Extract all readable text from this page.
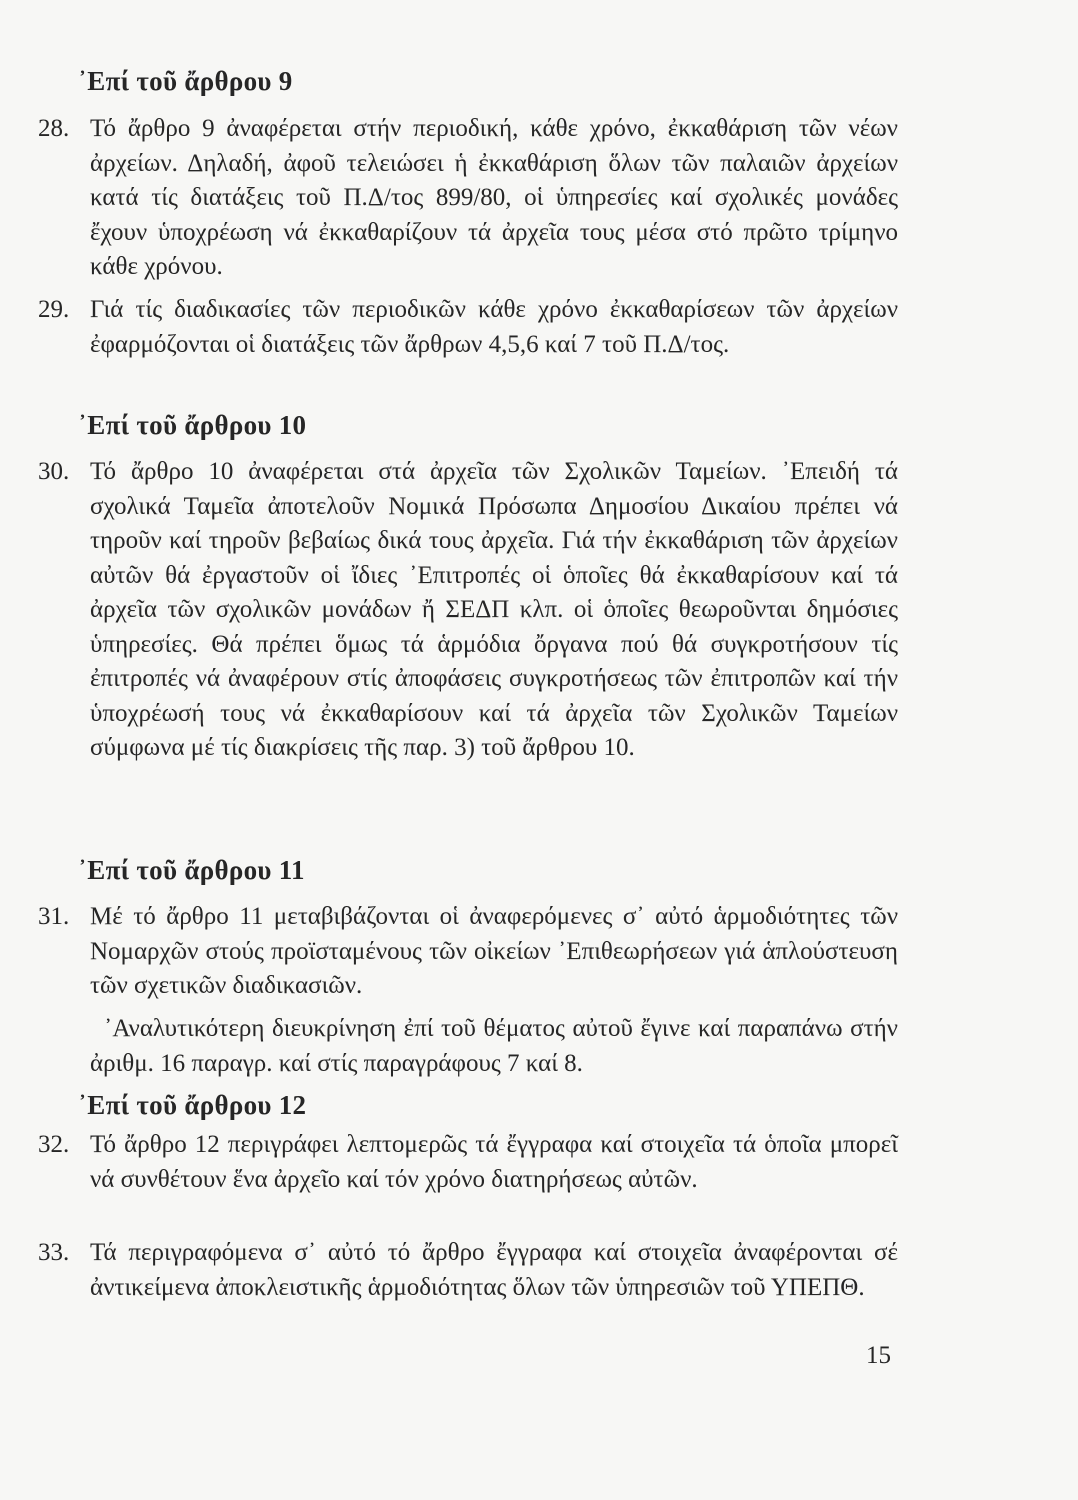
᾿Επί τοῦ ἄρθρου 9
28. Τό ἄρθρο 9 ἀναφέρεται στήν περιοδική, κάθε χρόνο, ἐκκαθάριση τῶν νέων ἀρχείων. Δηλαδή, ἀφοῦ τελειώσει ἡ ἐκκαθάριση ὅλων τῶν παλαιῶν ἀρχείων κατά τίς διατάξεις τοῦ Π.Δ/τος 899/80, οἱ ὑπηρεσίες καί σχολικές μονάδες ἔχουν ὑποχρέωση νά ἐκκαθαρίζουν τά ἀρχεῖα τους μέσα στό πρῶτο τρίμηνο κάθε χρόνου.
29. Γιά τίς διαδικασίες τῶν περιοδικῶν κάθε χρόνο ἐκκαθαρίσεων τῶν ἀρχείων ἐφαρμόζονται οἱ διατάξεις τῶν ἄρθρων 4,5,6 καί 7 τοῦ Π.Δ/τος.
᾿Επί τοῦ ἄρθρου 10
30. Τό ἄρθρο 10 ἀναφέρεται στά ἀρχεῖα τῶν Σχολικῶν Ταμείων. ᾿Επειδή τά σχολικά Ταμεῖα ἀποτελοῦν Νομικά Πρόσωπα Δημοσίου Δικαίου πρέπει νά τηροῦν καί τηροῦν βεβαίως δικά τους ἀρχεῖα. Γιά τήν ἐκκαθάριση τῶν ἀρχείων αὐτῶν θά ἐργαστοῦν οἱ ἴδιες ᾿Επιτροπές οἱ ὁποῖες θά ἐκκαθαρίσουν καί τά ἀρχεῖα τῶν σχολικῶν μονάδων ἤ ΣΕΔΠ κλπ. οἱ ὁποῖες θεωροῦνται δημόσιες ὑπηρεσίες. Θά πρέπει ὅμως τά ἁρμόδια ὄργανα πού θά συγκροτήσουν τίς ἐπιτροπές νά ἀναφέρουν στίς ἀποφάσεις συγκροτήσεως τῶν ἐπιτροπῶν καί τήν ὑποχρέωσή τους νά ἐκκαθαρίσουν καί τά ἀρχεῖα τῶν Σχολικῶν Ταμείων σύμφωνα μέ τίς διακρίσεις τῆς παρ. 3) τοῦ ἄρθρου 10.
᾿Επί τοῦ ἄρθρου 11
31. Μέ τό ἄρθρο 11 μεταβιβάζονται οἱ ἀναφερόμενες σ᾿ αὐτό ἁρμοδιότητες τῶν Νομαρχῶν στούς προϊσταμένους τῶν οἰκείων ᾿Επιθεωρήσεων γιά ἁπλούστευση τῶν σχετικῶν διαδικασιῶν.
᾿Αναλυτικότερη διευκρίνηση ἐπί τοῦ θέματος αὐτοῦ ἔγινε καί παραπάνω στήν ἀριθμ. 16 παραγρ. καί στίς παραγράφους 7 καί 8.
᾿Επί τοῦ ἄρθρου 12
32. Τό ἄρθρο 12 περιγράφει λεπτομερῶς τά ἔγγραφα καί στοιχεῖα τά ὁποῖα μπορεῖ νά συνθέτουν ἕνα ἀρχεῖο καί τόν χρόνο διατηρήσεως αὐτῶν.
33. Τά περιγραφόμενα σ᾿ αὐτό τό ἄρθρο ἔγγραφα καί στοιχεῖα ἀναφέρονται σέ ἀντικείμενα ἀποκλειστικῆς ἁρμοδιότητας ὅλων τῶν ὑπηρεσιῶν τοῦ ΥΠΕΠΘ.
15
